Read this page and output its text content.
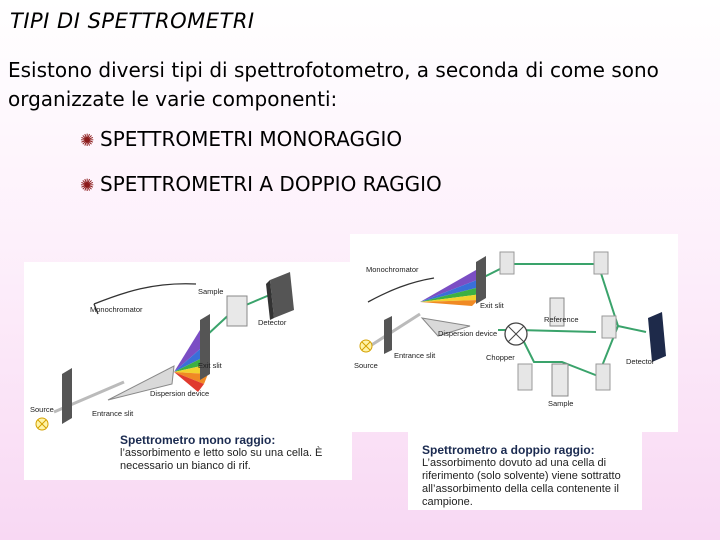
TIPI DI SPETTROMETRI
Esistono diversi tipi di spettrofotometro, a seconda di come sono organizzate le varie componenti:
✺ SPETTROMETRI MONORAGGIO
✺ SPETTROMETRI A DOPPIO RAGGIO
Sample
Detector
Monochromator
Exit slit
Dispersion device
Source	Entrance slit
Spettrometro mono raggio:
l’assorbimento e letto solo su una cella. È necessario un bianco di rif.
Monochromator
Exit slit
Reference
Dispersion device
Source
Entrance slit	Chopper	Detector
Sample
Spettrometro a doppio raggio:
L’assorbimento dovuto ad una cella di riferimento (solo solvente) viene sottratto all’assorbimento della cella contenente il campione.
